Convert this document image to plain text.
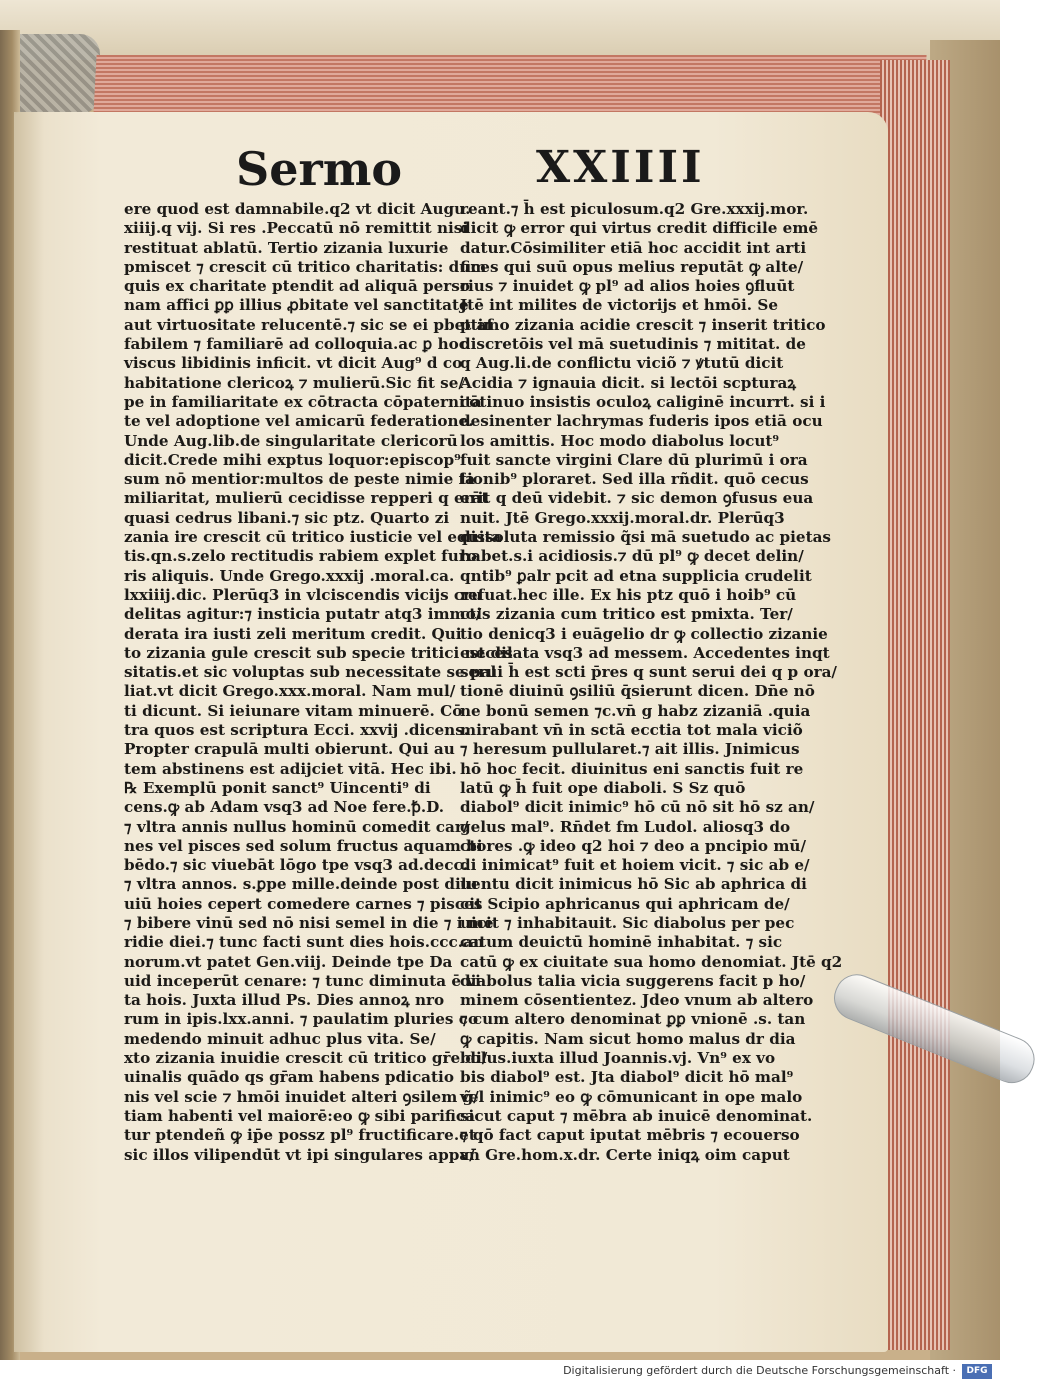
Sermo	XXIIII
ere quod est damnabile.q2 vt dicit Augu.
xiiij.q vij. Si res .Peccatū nō remittit nisi
restituat ablatū. Tertio zizania luxurie
pmiscet ⁊ crescit cū tritico charitatis: dum
quis ex charitate ptendit ad aliquā perso
nam affici ꝑꝑ illius ꝓbitate vel sanctitate
aut virtuositate relucentē.⁊ sic se ei pbet af
fabilem ⁊ familiarē ad colloquia.ac ꝑ hoc
viscus libidinis inficit. vt dicit Aug⁹ d co
habitatione clericoꝝ ⁊ mulierū.Sic fit se/
pe in familiaritate ex cōtracta cōpaternita
te vel adoptione vel amicarū federatione.
Unde Aug.lib.de singularitate clericorū
dicit.Crede mihi exptus loquor:episcop⁹
sum nō mentior:multos de peste nimie fa
miliaritat, mulierū cecidisse repperi q erāt
quasi cedrus libani.⁊ sic ptz. Quarto zi
zania ire crescit cū tritico iusticie vel equita
tis.qn.s.zelo rectitudis rabiem explet furo
ris aliquis. Unde Grego.xxxij .moral.ca.
lxxiiij.dic. Plerūq3 in vlciscendis vicijs cru
delitas agitur:⁊ insticia putatr atq3 immo/
derata ira iusti zeli meritum credit. Qui
to zizania gule crescit sub specie tritici neces
sitatis.et sic voluptas sub necessitate se pal
liat.vt dicit Grego.xxx.moral. Nam mul/
ti dicunt. Si ieiunare vitam minuerē. Cō
tra quos est scriptura Ecci. xxvij .dicens.
Propter crapulā multi obierunt. Qui au
tem abstinens est adijciet vitā. Hec ibi.
℞ Exemplū ponit sanct⁹ Uincenti⁹ di
cens.ꝙ ab Adam vsq3 ad Noe fere.ꝥ.D.
⁊ vltra annis nullus hominū comedit car/
nes vel pisces sed solum fructus aquam bi
bēdo.⁊ sic viuebāt lōgo tpe vsq3 ad.decc.
⁊ vltra annos. s.ꝑpe mille.deinde post dilu
uiū hoies cepert comedere carnes ⁊ pisces
⁊ bibere vinū sed nō nisi semel in die ⁊ i me
ridie diei.⁊ tunc facti sunt dies hois.ccc.an
norum.vt patet Gen.viij. Deinde tpe Da
uid inceperūt cenare: ⁊ tunc diminuta ē vi
ta hois. Juxta illud Ps. Dies annoꝝ nro
rum in ipis.lxx.anni. ⁊ paulatim pluries co
medendo minuit adhuc plus vita. Se/
xto zizania inuidie crescit cū tritico gr̄e di/
uinalis quādo qs gr̄am habens pdicatio
nis vel scie ⁊ hmōi inuidet alteri ꝯsilem g̃/
tiam habenti vel maiorē:eo ꝙ sibi parifica
tur ptendeñ ꝙ ip̄e possz pl⁹ fructificare.et
sic illos vilipendūt vt ipi singulares appa/
reant.⁊ h̄ est piculosum.q2 Gre.xxxij.mor.
dicit ꝙ error qui virtus credit difficile emē
datur.Cōsimiliter etiā hoc accidit int arti
fices qui suū opus melius reputāt ꝙ alte/
rius ⁊ inuidet ꝙ pl⁹ ad alios hoies ꝯfluūt
Jtē int milites de victorijs et hmōi. Se
ptimo zizania acidie crescit ⁊ inserit tritico
discretōis vel mā suetudinis ⁊ mititat. de
q Aug.li.de conflictu viciõ ⁊ ꝟtutū dicit
Acidia ⁊ ignauia dicit. si lectōi scpturaꝝ
cōtinuo insistis oculoꝝ caliginē incurrt. si i
desinenter lachrymas fuderis ipos etiā ocu
los amittis. Hoc modo diabolus locut⁹
fuit sancte virgini Clare dū plurimū i ora
tionib⁹ ploraret. Sed illa rñdit. quō cecus
erit q deū videbit. ⁊ sic demon ꝯfusus eua
nuit. Jtē Grego.xxxij.moral.dr. Plerūq3
dissoluta remissio q̃si mā suetudo ac pietas
habet.s.i acidiosis.⁊ dū pl⁹ ꝙ decet delin/
qntib⁹ ꝑalr pcit ad etna supplicia crudelit
refuat.hec ille. Ex his ptz quō i hoib⁹ cū
ctis zizania cum tritico est pmixta. Ter/
tio denicq3 i euāgelio dr ꝙ collectio zizanie
est dilata vsq3 ad messem. Accedentes inqt
serui h̄ est scti p̄res q sunt serui dei q p ora/
tionē diuinū ꝯsiliū q̄sierunt dicen. Dn̄e nō
ne bonū semen ⁊c.vn̄ g habz zizaniā .quia
mirabant vn̄ in sctā ecctia tot mala viciõ
⁊ heresum pullularet.⁊ ait illis. Jnimicus
hō hoc fecit. diuinitus eni sanctis fuit re
latū ꝙ h̄ fuit ope diaboli. S Sz quō
diabol⁹ dicit inimic⁹ hō cū nō sit hō sz an/
gelus mal⁹. Rn̄det fm Ludol. aliosq3 do
ctores .ꝙ ideo q2 hoi ⁊ deo a pncipio mū/
di inimicat⁹ fuit et hoiem vicit. ⁊ sic ab e/
uentu dicit inimicus hō Sic ab aphrica di
cit Scipio aphricanus qui aphricam de/
uicit ⁊ inhabitauit. Sic diabolus per pec
catum deuictū hominē inhabitat. ⁊ sic
catū ꝙ ex ciuitate sua homo denomiat. Jtē q2
diabolus talia vicia suggerens facit p ho/
minem cōsentientez. Jdeo vnum ab altero
⁊ cum altero denominat ꝑꝑ vnionē .s. tan
ꝙ capitis. Nam sicut homo malus dr dia
bolus.iuxta illud Joannis.vj. Vn⁹ ex vo
bis diabol⁹ est. Jta diabol⁹ dicit hō mal⁹
vel inimic⁹ eo ꝙ cōmunicant in ope malo
sicut caput ⁊ mēbra ab inuicē denominat.
⁊ qō fact caput iputat mēbris ⁊ ecouerso
vn̄ Gre.hom.x.dr. Certe iniqꝝ oim caput
Digitalisierung gefördert durch die Deutsche Forschungsgemeinschaft ·	DFG
